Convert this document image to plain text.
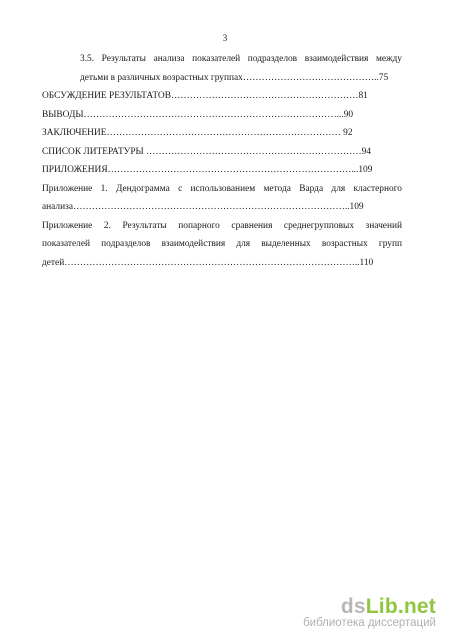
3

3.5. Результаты анализа показателей подразделов взаимодействия между

детьми в различных возрастных группах……………………………………..75

ОБСУЖДЕНИЕ РЕЗУЛЬТАТОВ……………………………………………………81

ВЫВОДЫ………………………………………………………………………...90

ЗАКЛЮЧЕНИЕ………………………………………………………………… 92

СПИСОК ЛИТЕРАТУРЫ ……………………………………………………………94

ПРИЛОЖЕНИЯ……………………………………………………………………...109

Приложение 1. Дендограмма с использованием метода Варда для кластерного

анализа……………………………………………………………………………..109

Приложение 2. Результаты попарного сравнения среднегрупповых значений

показателей подразделов взаимодействия для выделенных возрастных групп

детей…………………………………………………………………………………..110

dsLib.net
библиотека диссертаций
